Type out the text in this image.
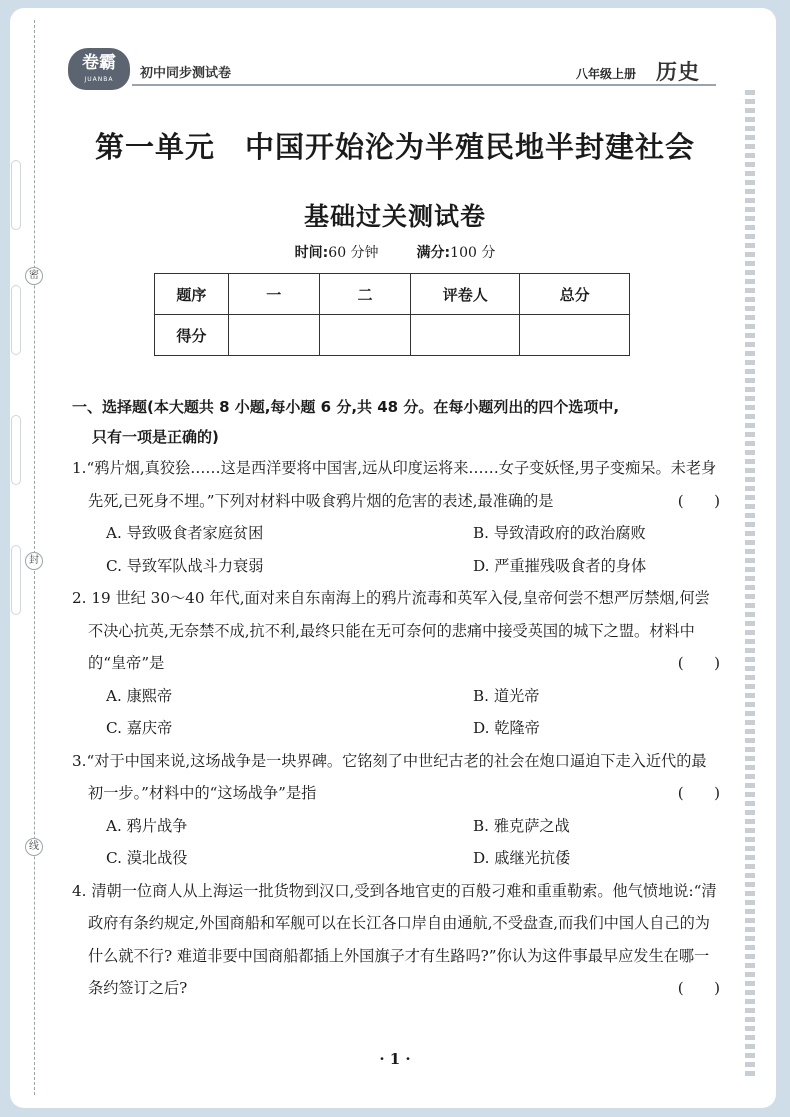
密
封
线
卷霸
JUANBA	初中同步测试卷	八年级上册 历史
第一单元　中国开始沦为半殖民地半封建社会
基础过关测试卷
时间:60 分钟	满分:100 分
题序	一	二	评卷人	总分
得分				
一、选择题(本大题共 8 小题,每小题 6 分,共 48 分。在每小题列出的四个选项中,
只有一项是正确的)
1.“鸦片烟,真狡狯……这是西洋要将中国害,远从印度运将来……女子变妖怪,男子变痴呆。未老身先死,已死身不埋。”下列对材料中吸食鸦片烟的危害的表述,最准确的是	(　　)
A. 导致吸食者家庭贫困	B. 导致清政府的政治腐败
C. 导致军队战斗力衰弱	D. 严重摧残吸食者的身体
2. 19 世纪 30～40 年代,面对来自东南海上的鸦片流毒和英军入侵,皇帝何尝不想严厉禁烟,何尝不决心抗英,无奈禁不成,抗不利,最终只能在无可奈何的悲痛中接受英国的城下之盟。材料中的“皇帝”是	(　　)
A. 康熙帝	B. 道光帝
C. 嘉庆帝	D. 乾隆帝
3.“对于中国来说,这场战争是一块界碑。它铭刻了中世纪古老的社会在炮口逼迫下走入近代的最初一步。”材料中的“这场战争”是指	(　　)
A. 鸦片战争	B. 雅克萨之战
C. 漠北战役	D. 戚继光抗倭
4. 清朝一位商人从上海运一批货物到汉口,受到各地官吏的百般刁难和重重勒索。他气愤地说:“清政府有条约规定,外国商船和军舰可以在长江各口岸自由通航,不受盘查,而我们中国人自己的为什么就不行? 难道非要中国商船都插上外国旗子才有生路吗?”你认为这件事最早应发生在哪一条约签订之后?	(　　)
· 1 ·
